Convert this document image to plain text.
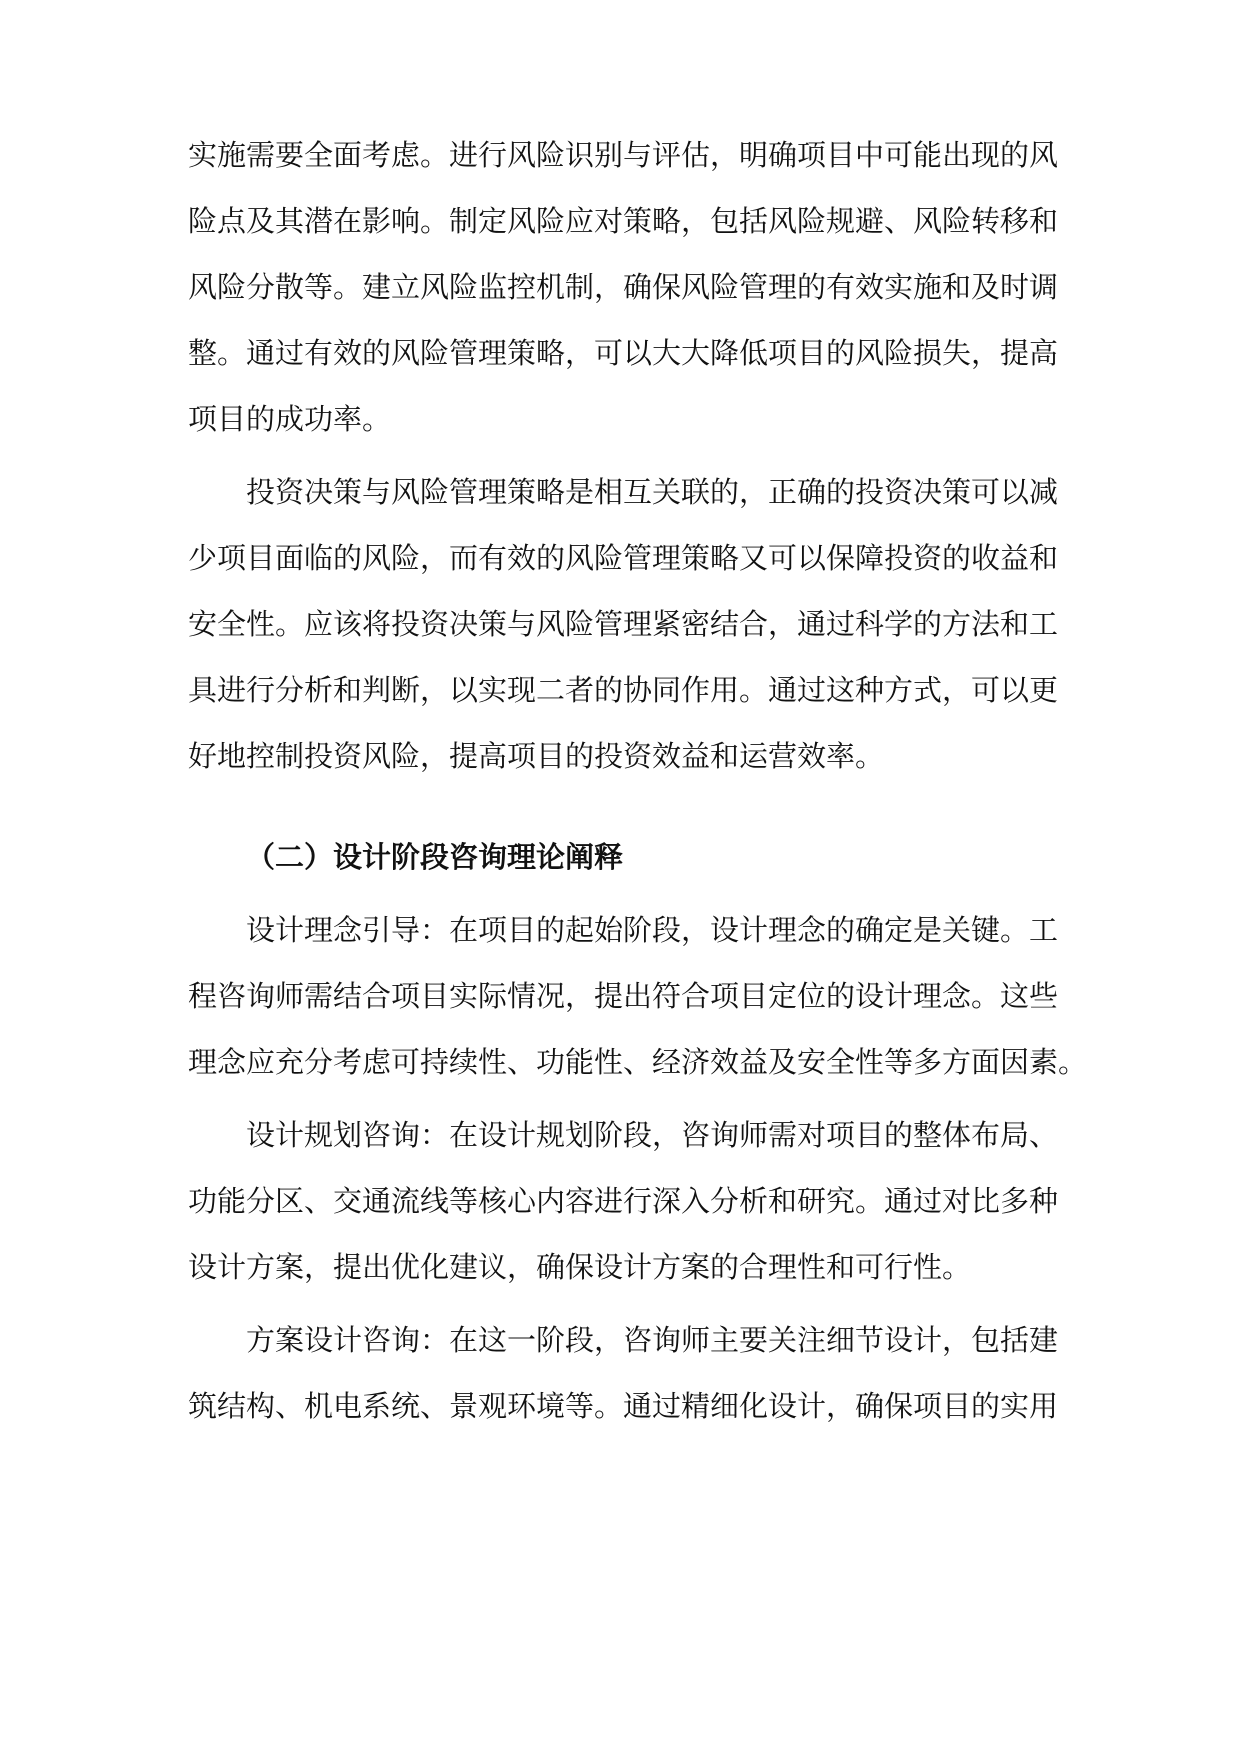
实施需要全面考虑。进行风险识别与评估，明确项目中可能出现的风
险点及其潜在影响。制定风险应对策略，包括风险规避、风险转移和
风险分散等。建立风险监控机制，确保风险管理的有效实施和及时调
整。通过有效的风险管理策略，可以大大降低项目的风险损失，提高
项目的成功率。
投资决策与风险管理策略是相互关联的，正确的投资决策可以减
少项目面临的风险，而有效的风险管理策略又可以保障投资的收益和
安全性。应该将投资决策与风险管理紧密结合，通过科学的方法和工
具进行分析和判断，以实现二者的协同作用。通过这种方式，可以更
好地控制投资风险，提高项目的投资效益和运营效率。
（二）设计阶段咨询理论阐释
设计理念引导：在项目的起始阶段，设计理念的确定是关键。工
程咨询师需结合项目实际情况，提出符合项目定位的设计理念。这些
理念应充分考虑可持续性、功能性、经济效益及安全性等多方面因素。
设计规划咨询：在设计规划阶段，咨询师需对项目的整体布局、
功能分区、交通流线等核心内容进行深入分析和研究。通过对比多种
设计方案，提出优化建议，确保设计方案的合理性和可行性。
方案设计咨询：在这一阶段，咨询师主要关注细节设计，包括建
筑结构、机电系统、景观环境等。通过精细化设计，确保项目的实用
